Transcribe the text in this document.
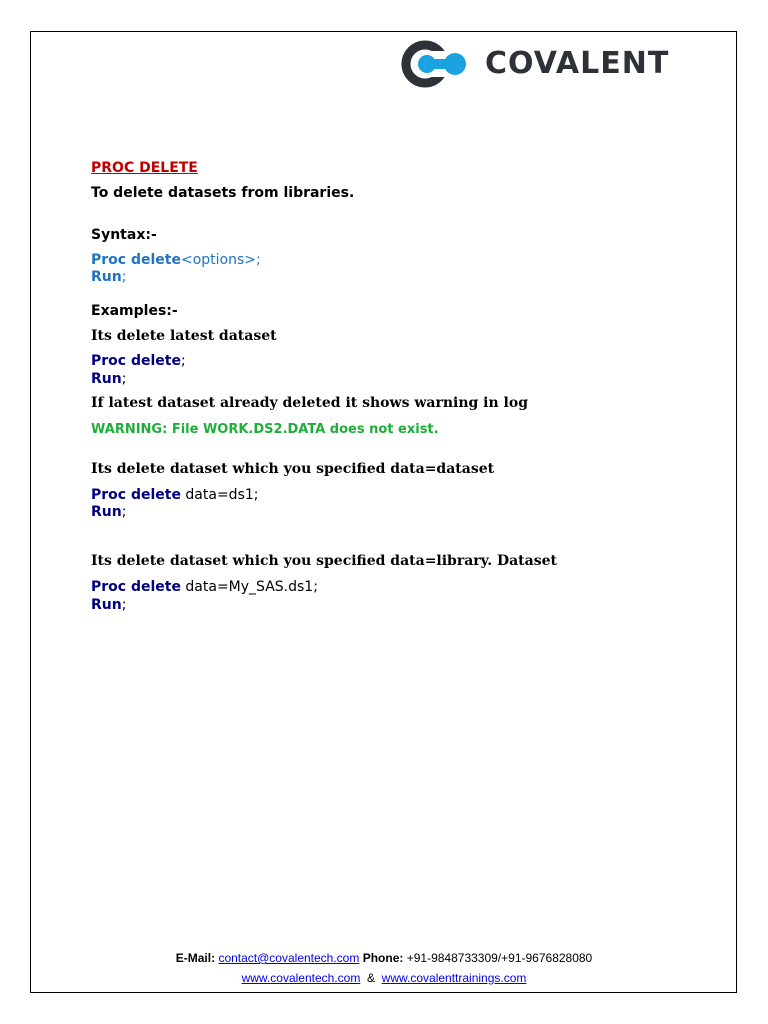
COVALENT
PROC DELETE
To delete datasets from libraries.
Syntax:-
Proc delete<options>;
Run;
Examples:-
Its delete latest dataset
Proc delete;
Run;
If latest dataset already deleted it shows warning in log
WARNING: File WORK.DS2.DATA does not exist.
Its delete dataset which you specified data=dataset
Proc delete data=ds1;
Run;
Its delete dataset which you specified data=library. Dataset
Proc delete data=My_SAS.ds1;
Run;
E-Mail: contact@covalentech.com Phone: +91-9848733309/+91-9676828080
www.covalentech.com & www.covalenttrainings.com
